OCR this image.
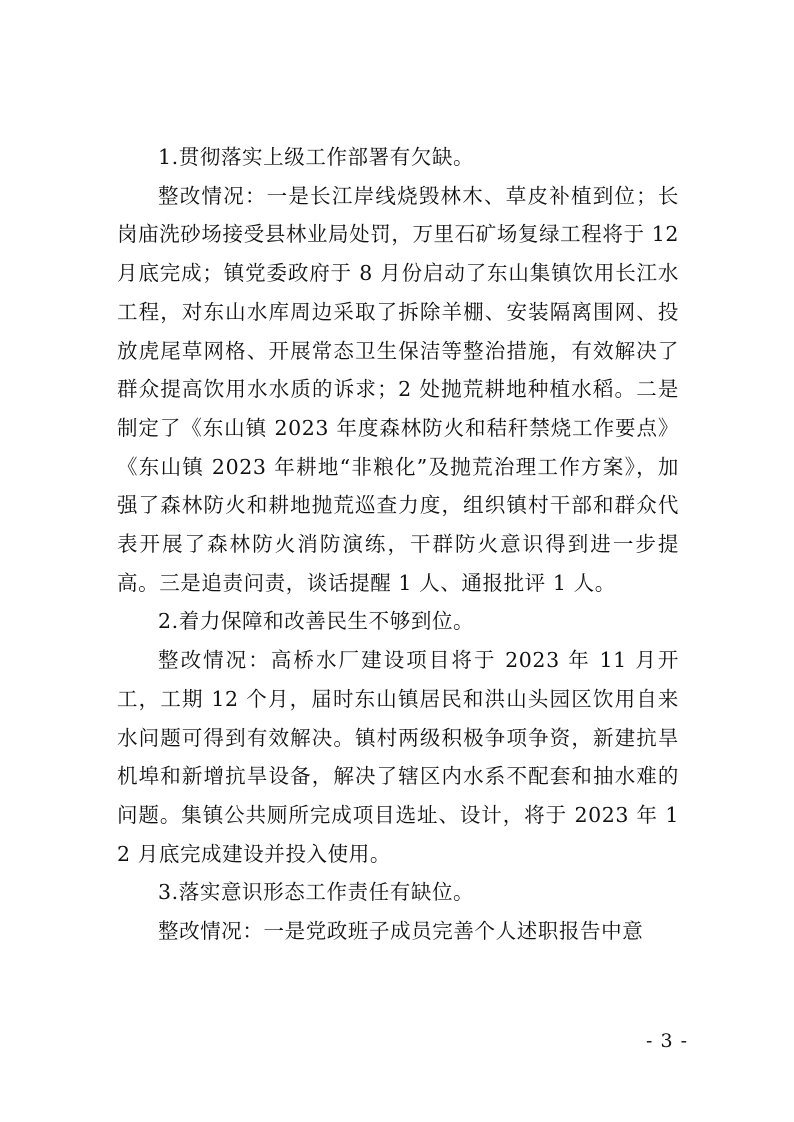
1.贯彻落实上级工作部署有欠缺。

整改情况：一是长江岸线烧毁林木、草皮补植到位；长岗庙洗砂场接受县林业局处罚，万里石矿场复绿工程将于 12 月底完成；镇党委政府于 8 月份启动了东山集镇饮用长江水工程，对东山水库周边采取了拆除羊棚、安装隔离围网、投放虎尾草网格、开展常态卫生保洁等整治措施，有效解决了群众提高饮用水水质的诉求；2 处抛荒耕地种植水稻。二是制定了《东山镇 2023 年度森林防火和秸秆禁烧工作要点》《东山镇 2023 年耕地“非粮化”及抛荒治理工作方案》，加强了森林防火和耕地抛荒巡查力度，组织镇村干部和群众代表开展了森林防火消防演练，干群防火意识得到进一步提高。三是追责问责，谈话提醒 1 人、通报批评 1 人。

2.着力保障和改善民生不够到位。

整改情况：高桥水厂建设项目将于 2023 年 11 月开工，工期 12 个月，届时东山镇居民和洪山头园区饮用自来水问题可得到有效解决。镇村两级积极争项争资，新建抗旱机埠和新增抗旱设备，解决了辖区内水系不配套和抽水难的问题。集镇公共厕所完成项目选址、设计，将于 2023 年 12 月底完成建设并投入使用。

3.落实意识形态工作责任有缺位。

整改情况：一是党政班子成员完善个人述职报告中意

- 3 -
